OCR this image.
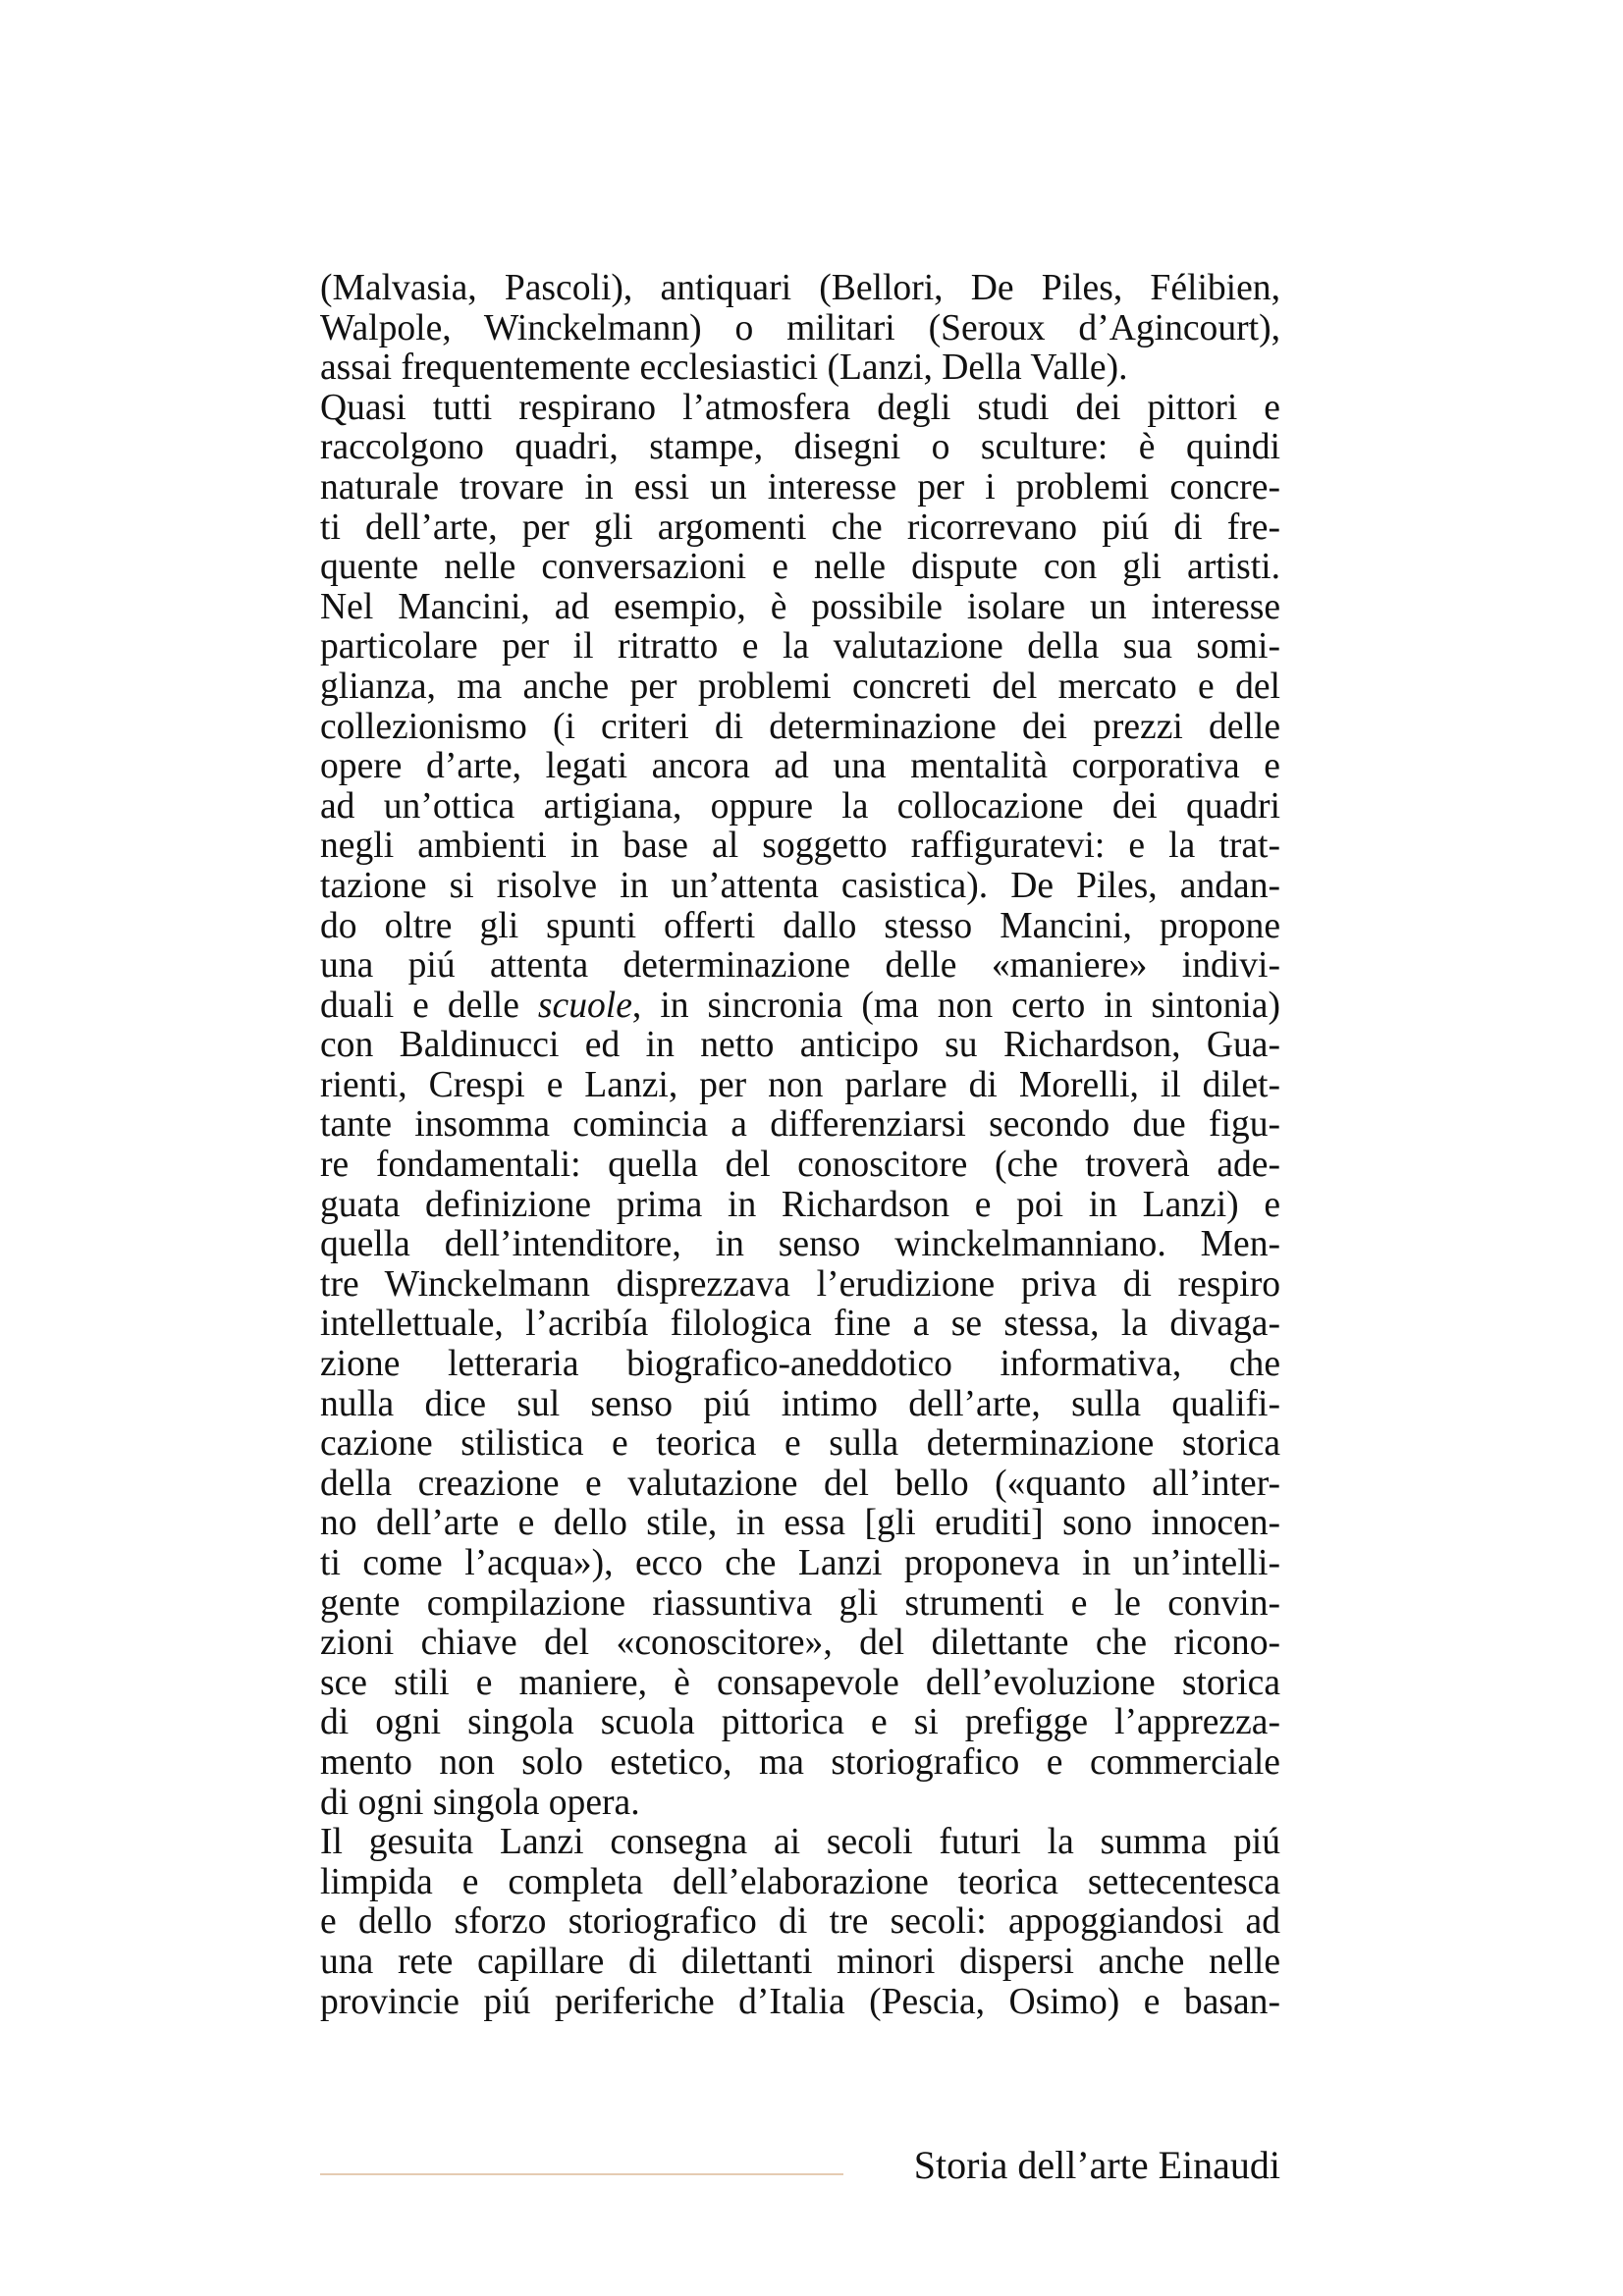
(Malvasia, Pascoli), antiquari (Bellori, De Piles, Félibien,
Walpole, Winckelmann) o militari (Seroux d’Agincourt),
assai frequentemente ecclesiastici (Lanzi, Della Valle).
Quasi tutti respirano l’atmosfera degli studi dei pittori e
raccolgono quadri, stampe, disegni o sculture: è quindi
naturale trovare in essi un interesse per i problemi concre-
ti dell’arte, per gli argomenti che ricorrevano piú di fre-
quente nelle conversazioni e nelle dispute con gli artisti.
Nel Mancini, ad esempio, è possibile isolare un interesse
particolare per il ritratto e la valutazione della sua somi-
glianza, ma anche per problemi concreti del mercato e del
collezionismo (i criteri di determinazione dei prezzi delle
opere d’arte, legati ancora ad una mentalità corporativa e
ad un’ottica artigiana, oppure la collocazione dei quadri
negli ambienti in base al soggetto raffiguratevi: e la trat-
tazione si risolve in un’attenta casistica). De Piles, andan-
do oltre gli spunti offerti dallo stesso Mancini, propone
una piú attenta determinazione delle «maniere» indivi-
duali e delle scuole, in sincronia (ma non certo in sintonia)
con Baldinucci ed in netto anticipo su Richardson, Gua-
rienti, Crespi e Lanzi, per non parlare di Morelli, il dilet-
tante insomma comincia a differenziarsi secondo due figu-
re fondamentali: quella del conoscitore (che troverà ade-
guata definizione prima in Richardson e poi in Lanzi) e
quella dell’intenditore, in senso winckelmanniano. Men-
tre Winckelmann disprezzava l’erudizione priva di respiro
intellettuale, l’acribía filologica fine a se stessa, la divaga-
zione letteraria biografico-aneddotico informativa, che
nulla dice sul senso piú intimo dell’arte, sulla qualifi-
cazione stilistica e teorica e sulla determinazione storica
della creazione e valutazione del bello («quanto all’inter-
no dell’arte e dello stile, in essa [gli eruditi] sono innocen-
ti come l’acqua»), ecco che Lanzi proponeva in un’intelli-
gente compilazione riassuntiva gli strumenti e le convin-
zioni chiave del «conoscitore», del dilettante che ricono-
sce stili e maniere, è consapevole dell’evoluzione storica
di ogni singola scuola pittorica e si prefigge l’apprezza-
mento non solo estetico, ma storiografico e commerciale
di ogni singola opera.
Il gesuita Lanzi consegna ai secoli futuri la summa piú
limpida e completa dell’elaborazione teorica settecentesca
e dello sforzo storiografico di tre secoli: appoggiandosi ad
una rete capillare di dilettanti minori dispersi anche nelle
provincie piú periferiche d’Italia (Pescia, Osimo) e basan-
Storia dell’arte Einaudi
